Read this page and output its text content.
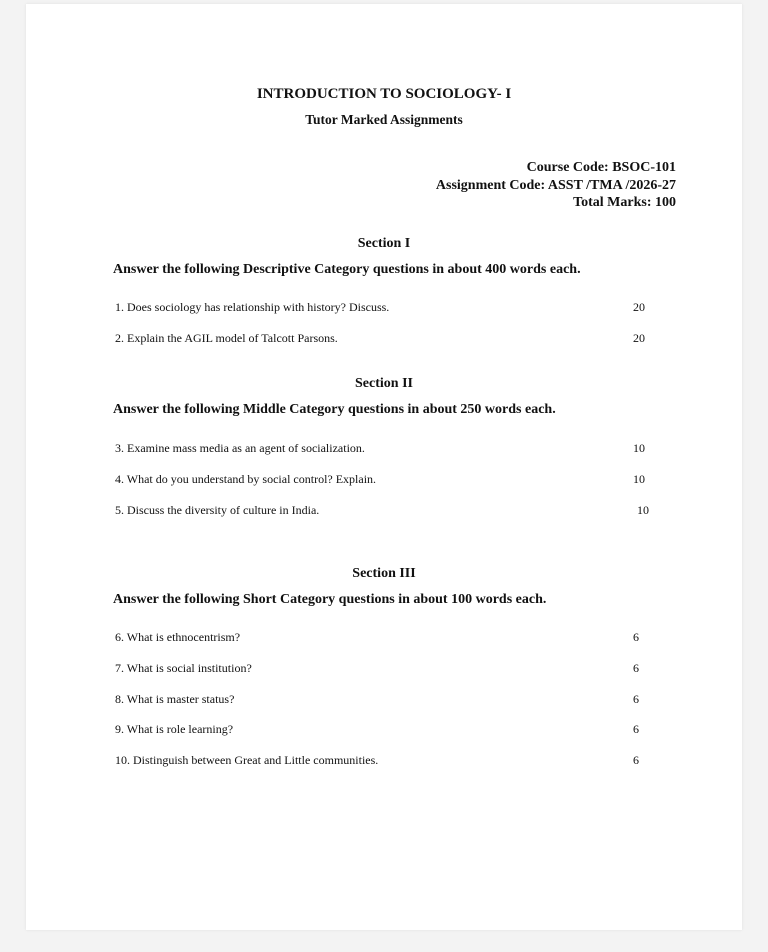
INTRODUCTION TO SOCIOLOGY- I
Tutor Marked Assignments
Course Code: BSOC-101
Assignment Code: ASST /TMA /2026-27
Total Marks: 100
Section I
Answer the following Descriptive Category questions in about 400 words each.
1. Does sociology has relationship with history? Discuss.	20
2. Explain the AGIL model of Talcott Parsons.	20
Section II
Answer the following Middle Category questions in about 250 words each.
3. Examine mass media as an agent of socialization.	10
4. What do you understand by social control? Explain.	10
5. Discuss the diversity of culture in India.	10
Section III
Answer the following Short Category questions in about 100 words each.
6. What is ethnocentrism?	6
7. What is social institution?	6
8. What is master status?	6
9. What is role learning?	6
10. Distinguish between Great and Little communities.	6
